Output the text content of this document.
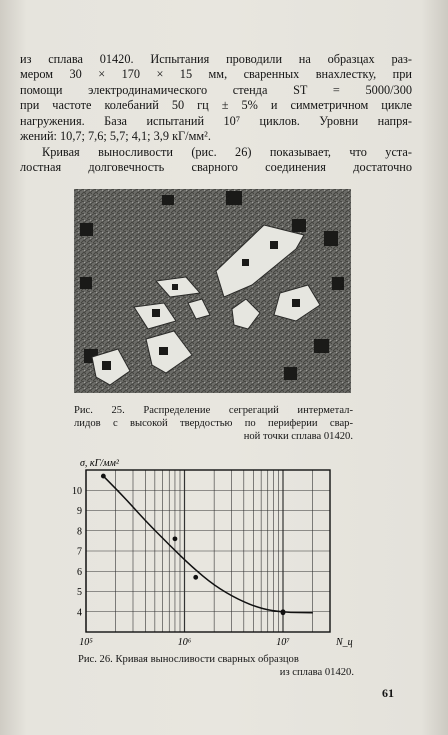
из сплава 01420. Испытания проводили на образцах раз-
мером 30 × 170 × 15 мм, сваренных внахлестку, при
помощи электродинамического стенда ST = 5000/300
при частоте колебаний 50 гц ± 5% и симметричном цикле
нагружения. База испытаний 10⁷ циклов. Уровни напря-
жений: 10,7; 7,6; 5,7; 4,1; 3,9 кГ/мм².

Кривая выносливости (рис. 26) показывает, что уста-
лостная долговечность сварного соединения достаточно

Рис. 25. Распределение сегрегаций интерметал-
лидов с высокой твердостью по периферии свар-
ной точки сплава 01420.

4
5
6
7
8
9
10
10⁵	10⁶	10⁷
σ, кГ/мм²
N_ц

Рис. 26. Кривая выносливости сварных образцов
из сплава 01420.

61
